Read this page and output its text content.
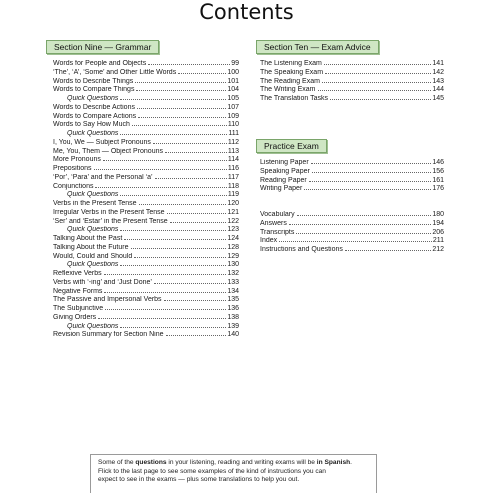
Contents
Section Nine — Grammar
Words for People and Objects	99
‘The’, ‘A’, ‘Some’ and Other Little Words	100
Words to Describe Things	101
Words to Compare Things	104
Quick Questions	105
Words to Describe Actions	107
Words to Compare Actions	109
Words to Say How Much	110
Quick Questions	111
I, You, We — Subject Pronouns	112
Me, You, Them — Object Pronouns	113
More Pronouns	114
Prepositions	116
‘Por’, ‘Para’ and the Personal ‘a’	117
Conjunctions	118
Quick Questions	119
Verbs in the Present Tense	120
Irregular Verbs in the Present Tense	121
‘Ser’ and ‘Estar’ in the Present Tense	122
Quick Questions	123
Talking About the Past	124
Talking About the Future	128
Would, Could and Should	129
Quick Questions	130
Reflexive Verbs	132
Verbs with ‘-ing’ and ‘Just Done’	133
Negative Forms	134
The Passive and Impersonal Verbs	135
The Subjunctive	136
Giving Orders	138
Quick Questions	139
Revision Summary for Section Nine	140
Section Ten — Exam Advice
The Listening Exam	141
The Speaking Exam	142
The Reading Exam	143
The Writing Exam	144
The Translation Tasks	145
Practice Exam
Listening Paper	146
Speaking Paper	156
Reading Paper	161
Writing Paper	176
Vocabulary	180
Answers	194
Transcripts	206
Index	211
Instructions and Questions	212
Some of the questions in your listening, reading and writing exams will be in Spanish.
Flick to the last page to see some examples of the kind of instructions you can
expect to see in the exams — plus some translations to help you out.
